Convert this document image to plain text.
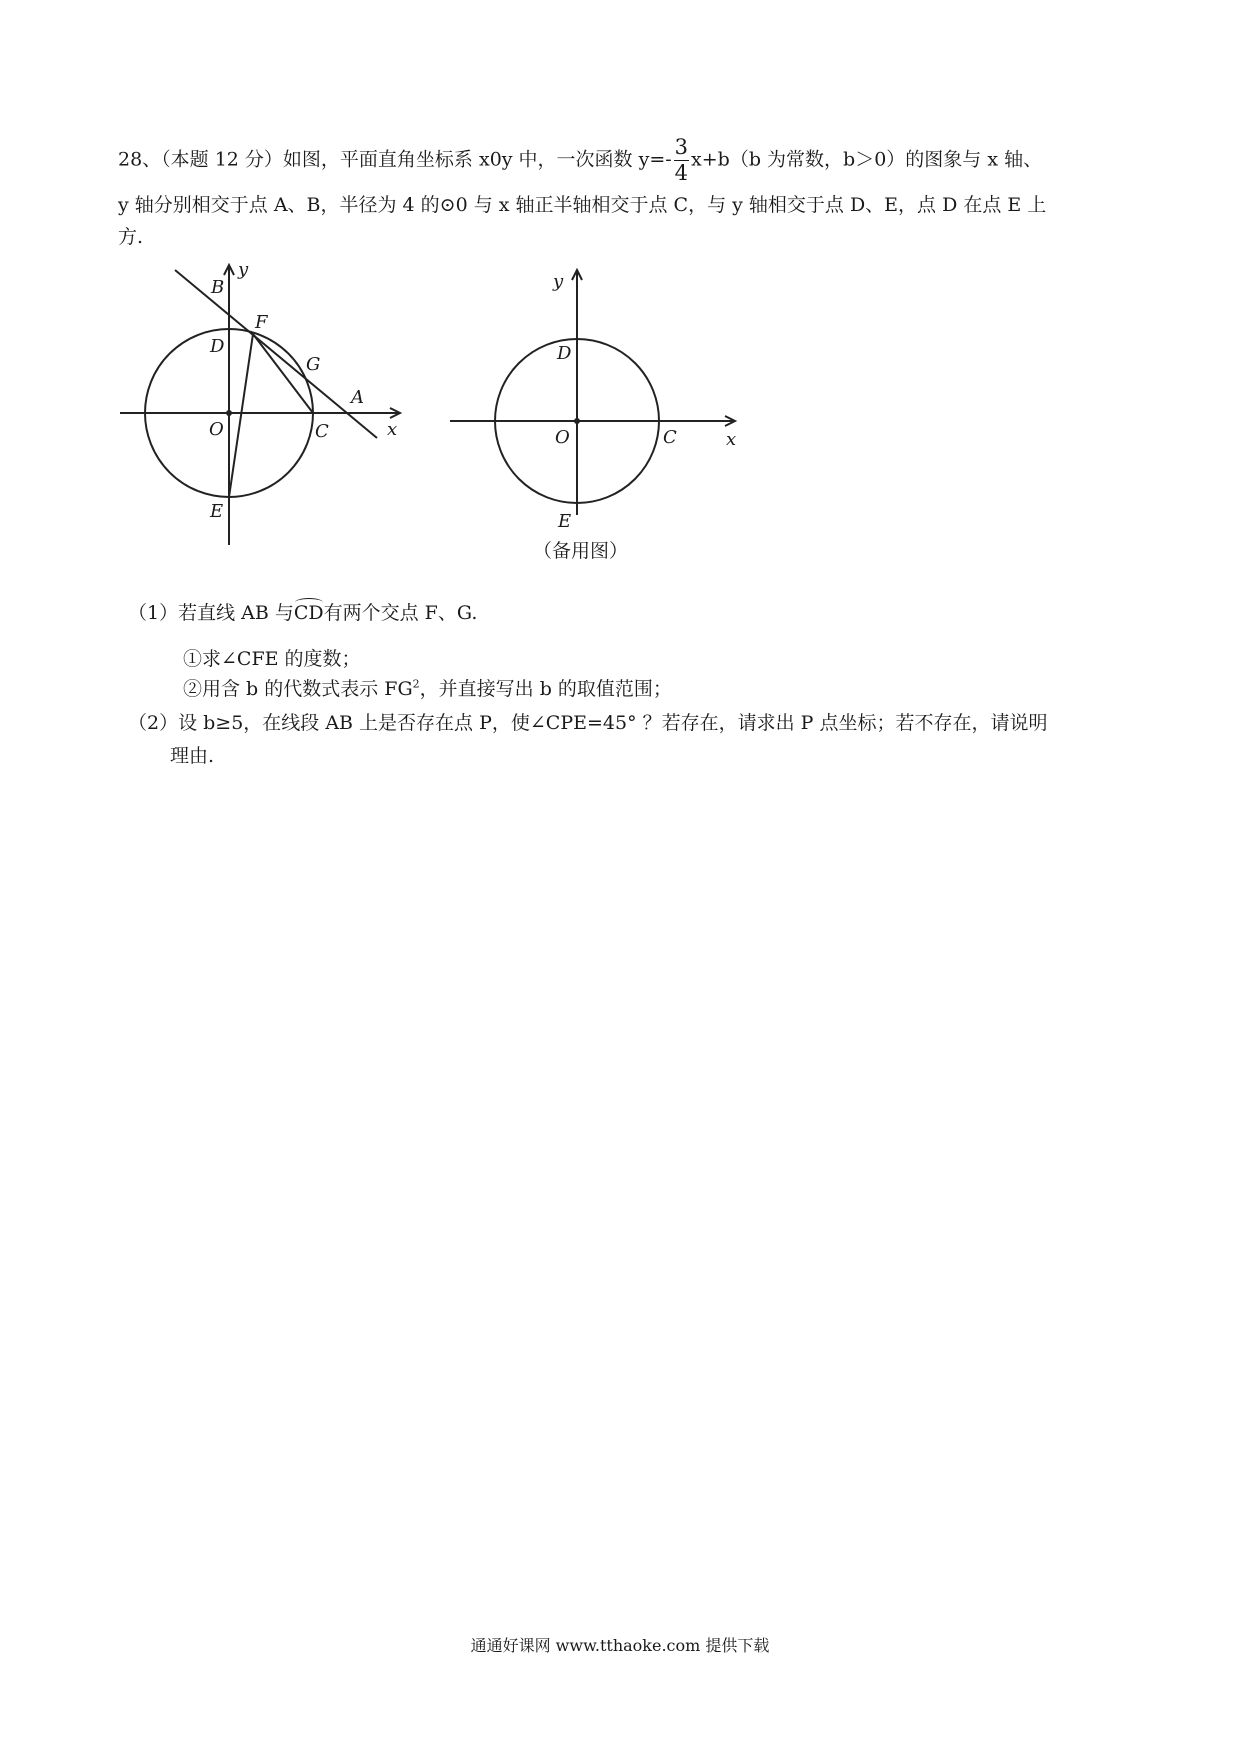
28、（本题 12 分）如图，平面直角坐标系 x0y 中，一次函数 $y=- \frac{3}{4} x+b(b$ 为常数，b＞0）的图象与 x 轴、
y 轴分别相交于点 A、B，半径为 4 的⊙0 与 x 轴正半轴相交于点 C，与 y 轴相交于点 D、E，点 D 在点 E 上
方.
y
x
B
F
D
G
A
O	C
E
y
x
D
O	C
E
（备用图）
（1）若直线 AB 与CD有两个交点 F、G.
①求∠CFE 的度数；
②用含 b 的代数式表示 $FG^2$，并直接写出 b 的取值范围；
（2）设 b≥5，在线段 AB 上是否存在点 P，使∠CPE=45° ？若存在，请求出 P 点坐标；若不存在，请说明
理由.
通通好课网 www.tthaoke.com 提供下载
